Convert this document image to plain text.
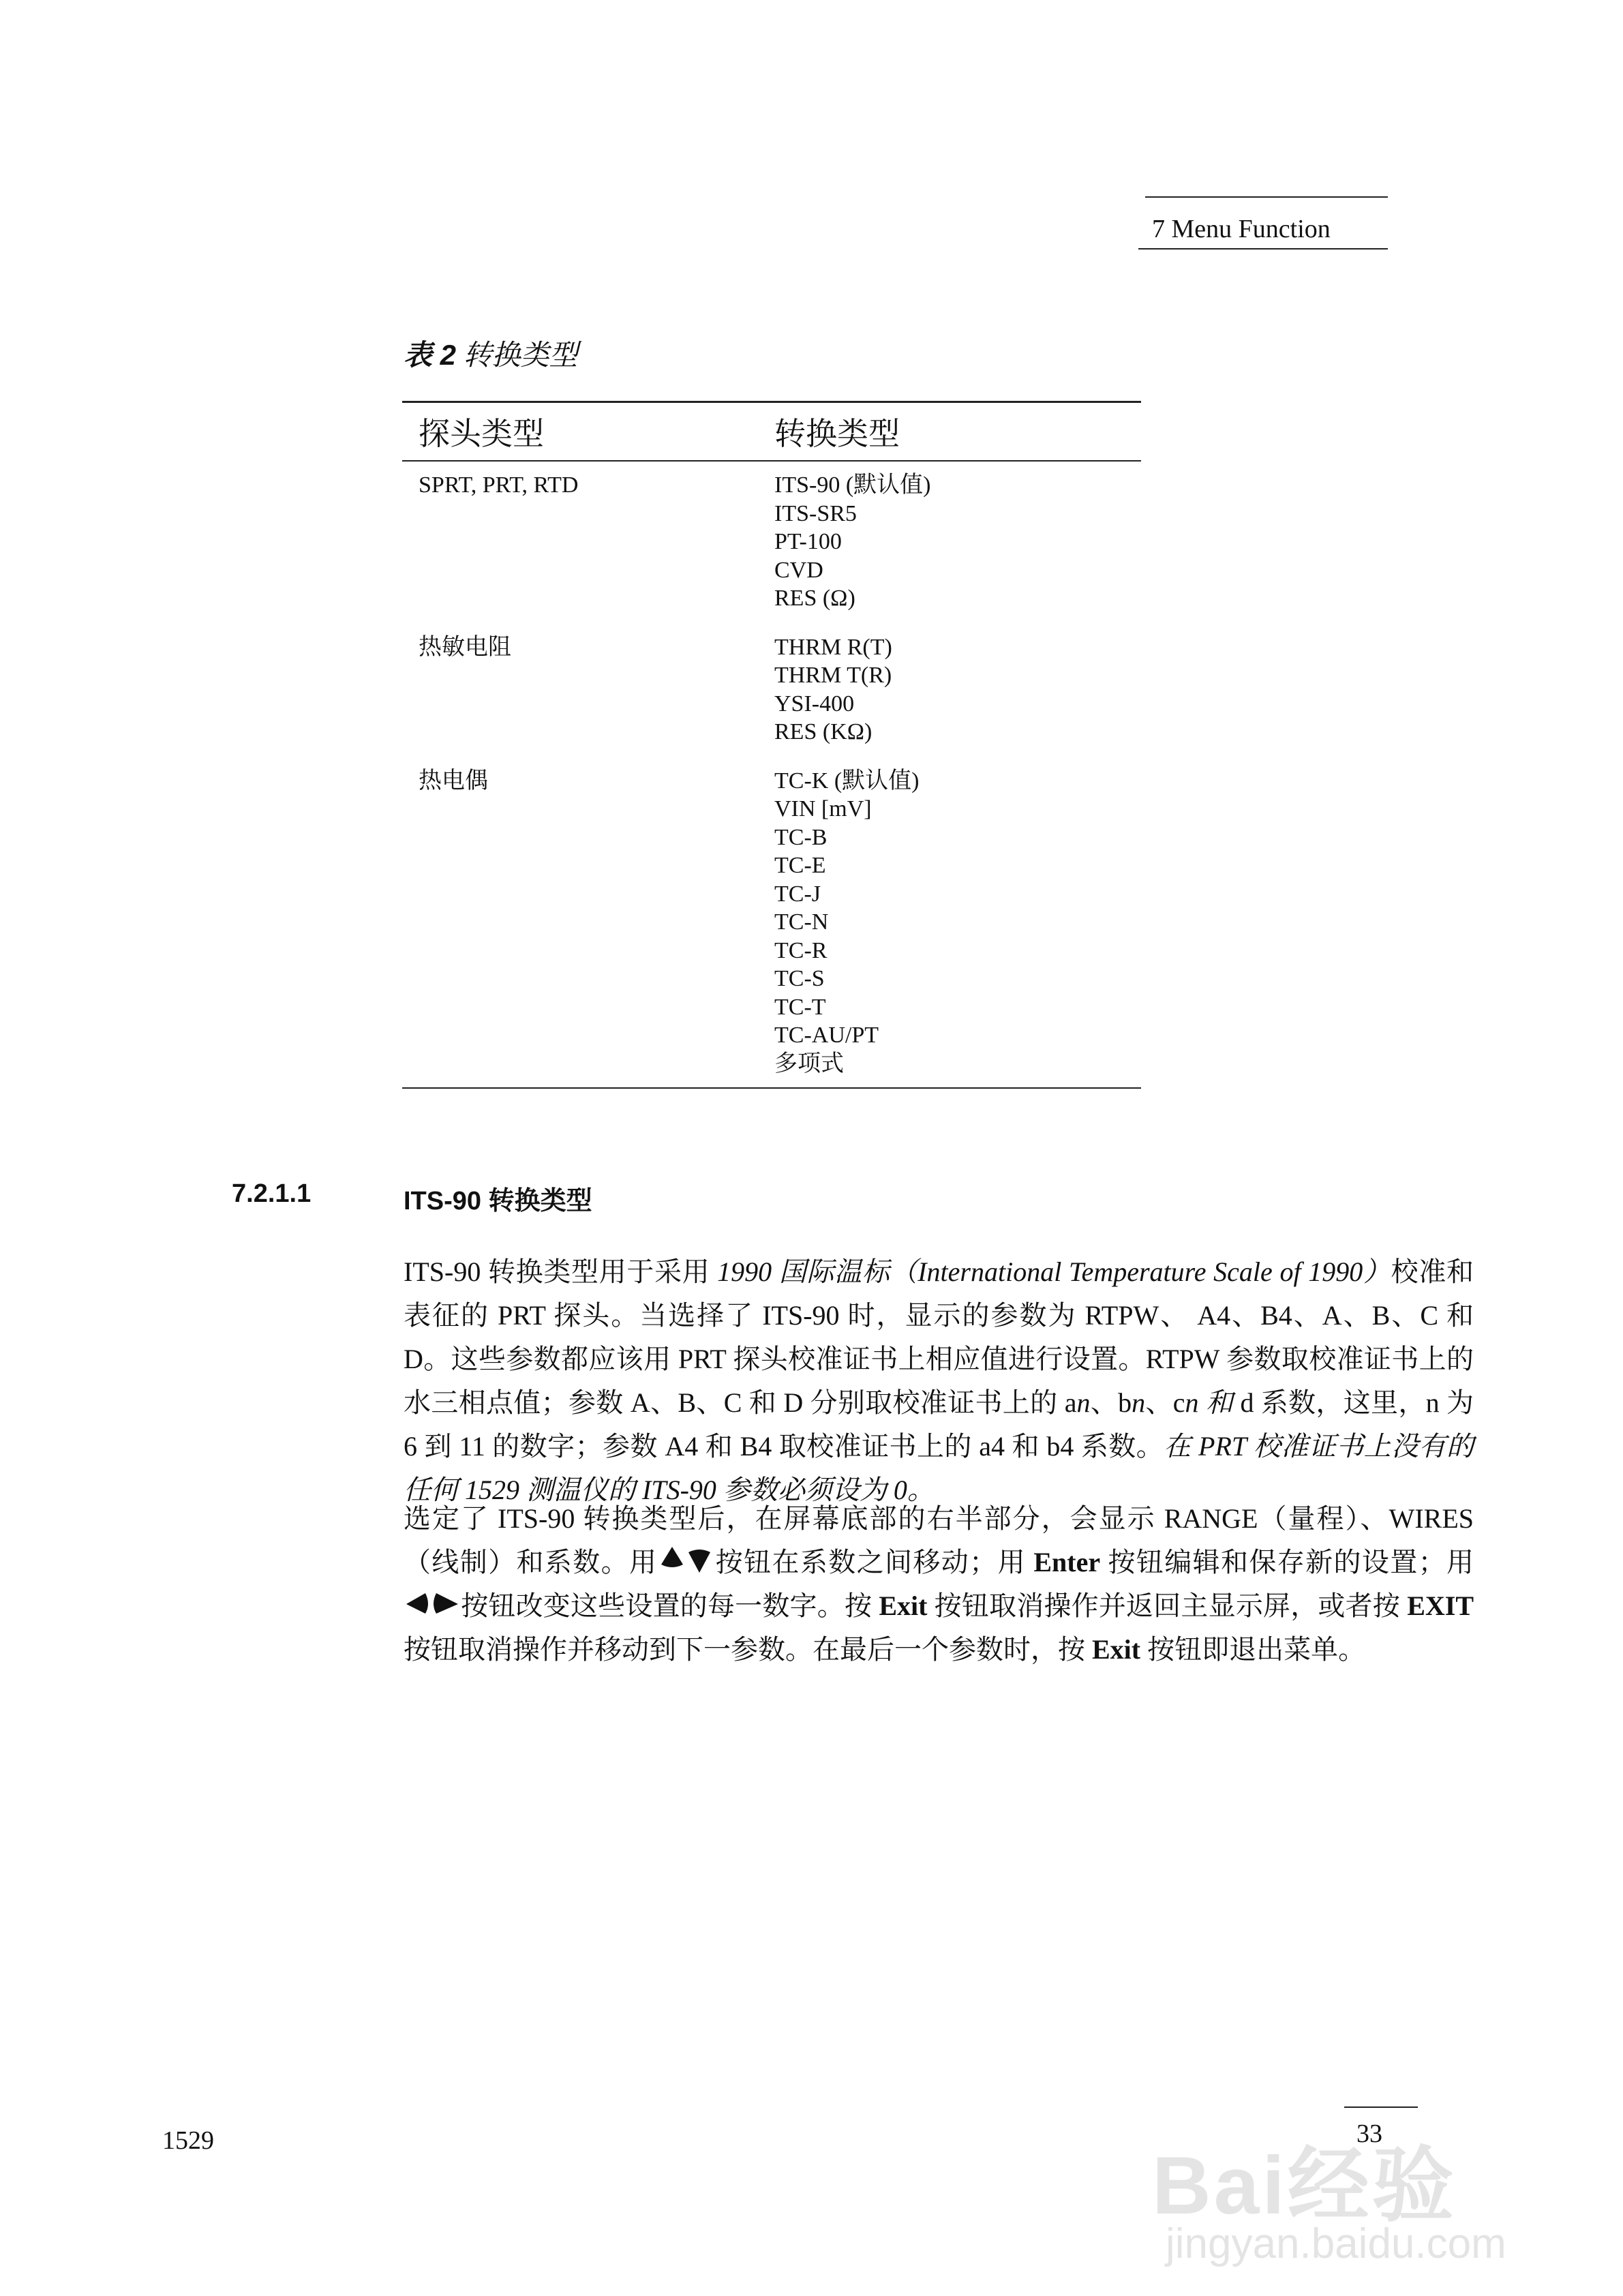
7 Menu Function
表 2 转换类型
探头类型	转换类型
SPRT, PRT, RTD	ITS-90 (默认值)
ITS-SR5
PT-100
CVD
RES (Ω)
热敏电阻	THRM R(T)
THRM T(R)
YSI-400
RES (KΩ)
热电偶	TC-K (默认值)
VIN [mV]
TC-B
TC-E
TC-J
TC-N
TC-R
TC-S
TC-T
TC-AU/PT
多项式
7.2.1.1	ITS-90 转换类型
ITS-90 转换类型用于采用 1990 国际温标（International Temperature Scale of 1990）校准和表征的 PRT 探头。当选择了 ITS-90 时，显示的参数为 RTPW、 A4、B4、A、B、C 和 D。这些参数都应该用 PRT 探头校准证书上相应值进行设置。RTPW 参数取校准证书上的水三相点值；参数 A、B、C 和 D 分别取校准证书上的 an、bn、cn 和 d 系数，这里，n 为 6 到 11 的数字；参数 A4 和 B4 取校准证书上的 a4 和 b4 系数。在 PRT 校准证书上没有的任何 1529 测温仪的 ITS-90 参数必须设为 0。
选定了 ITS-90 转换类型后，在屏幕底部的右半部分，会显示 RANGE（量程）、WIRES（线制）和系数。用 按钮在系数之间移动；用 Enter 按钮编辑和保存新的设置；用按钮改变这些设置的每一数字。按 Exit 按钮取消操作并返回主显示屏，或者按 EXIT 按钮取消操作并移动到下一参数。在最后一个参数时，按 Exit 按钮即退出菜单。
1529	33
Bai经验
jingyan.baidu.com
